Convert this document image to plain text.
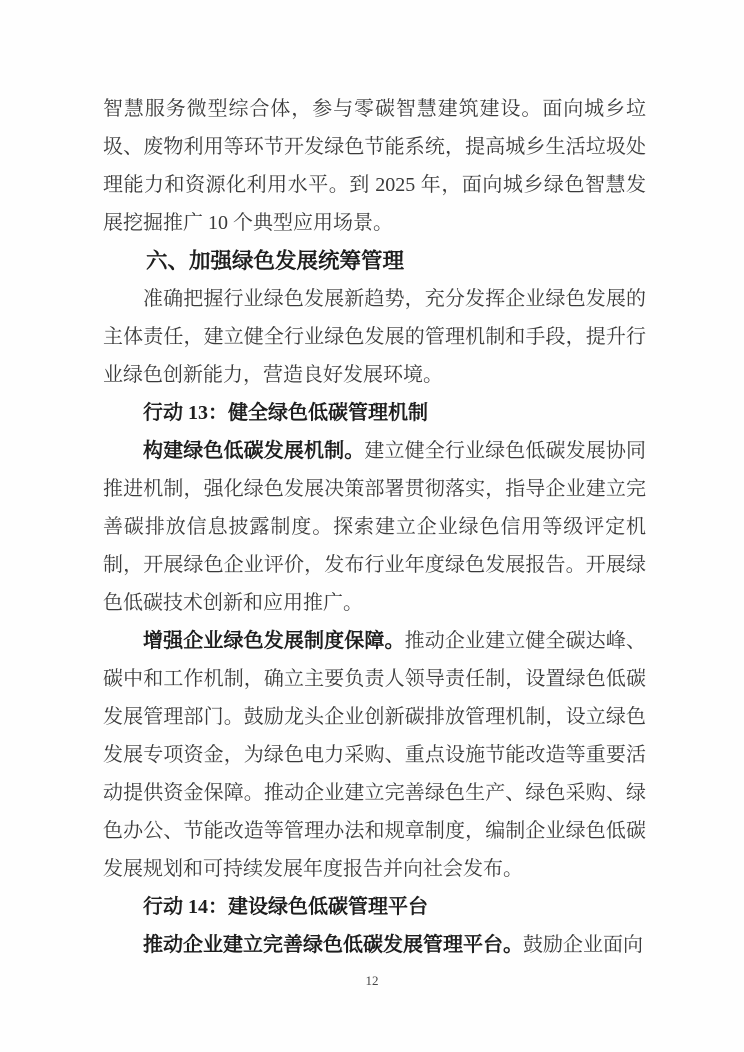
智慧服务微型综合体，参与零碳智慧建筑建设。面向城乡垃圾、废物利用等环节开发绿色节能系统，提高城乡生活垃圾处理能力和资源化利用水平。到 2025 年，面向城乡绿色智慧发展挖掘推广 10 个典型应用场景。

六、加强绿色发展统筹管理

准确把握行业绿色发展新趋势，充分发挥企业绿色发展的主体责任，建立健全行业绿色发展的管理机制和手段，提升行业绿色创新能力，营造良好发展环境。

行动 13：健全绿色低碳管理机制

构建绿色低碳发展机制。建立健全行业绿色低碳发展协同推进机制，强化绿色发展决策部署贯彻落实，指导企业建立完善碳排放信息披露制度。探索建立企业绿色信用等级评定机制，开展绿色企业评价，发布行业年度绿色发展报告。开展绿色低碳技术创新和应用推广。

增强企业绿色发展制度保障。推动企业建立健全碳达峰、碳中和工作机制，确立主要负责人领导责任制，设置绿色低碳发展管理部门。鼓励龙头企业创新碳排放管理机制，设立绿色发展专项资金，为绿色电力采购、重点设施节能改造等重要活动提供资金保障。推动企业建立完善绿色生产、绿色采购、绿色办公、节能改造等管理办法和规章制度，编制企业绿色低碳发展规划和可持续发展年度报告并向社会发布。

行动 14：建设绿色低碳管理平台

推动企业建立完善绿色低碳发展管理平台。鼓励企业面向

12
